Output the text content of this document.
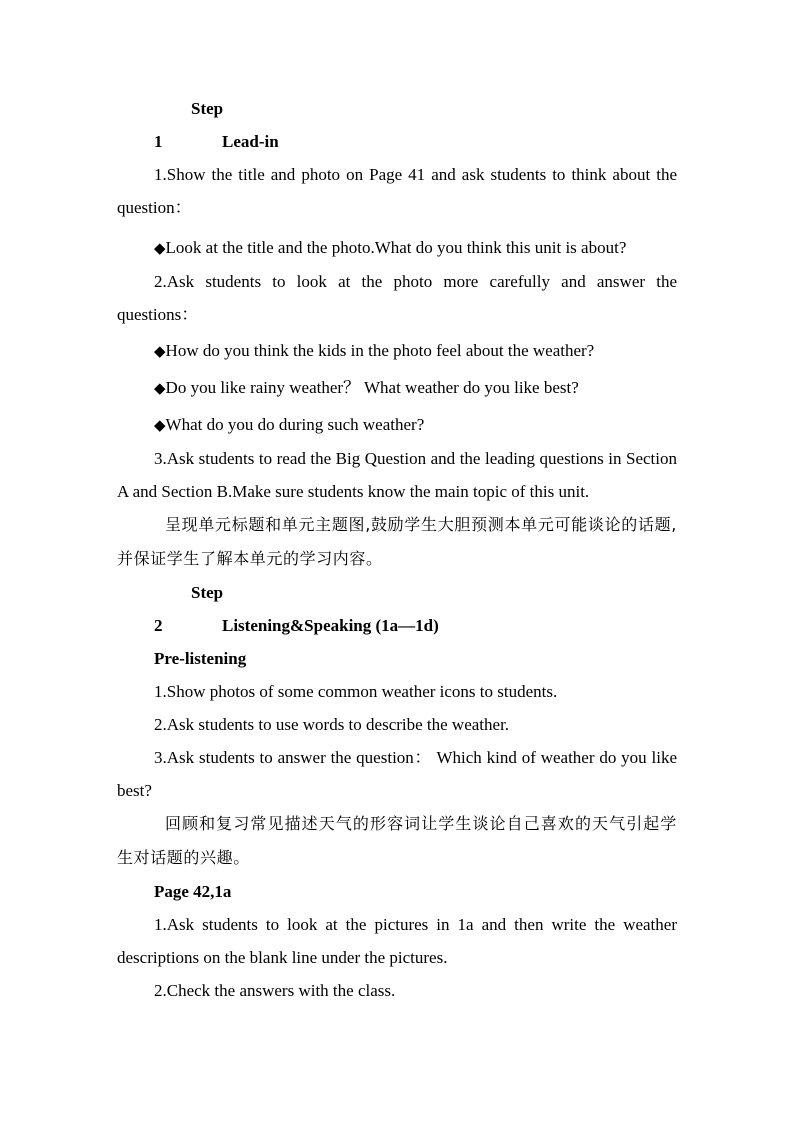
Step 1	Lead-in

1.Show the title and photo on Page 41 and ask students to think about the question：

◆Look at the title and the photo.What do you think this unit is about?

2.Ask students to look at the photo more carefully and answer the questions：

◆How do you think the kids in the photo feel about the weather?

◆Do you like rainy weather？ What weather do you like best?

◆What do you do during such weather?

3.Ask students to read the Big Question and the leading questions in Section A and Section B.Make sure students know the main topic of this unit.

呈现单元标题和单元主题图,鼓励学生大胆预测本单元可能谈论的话题,并保证学生了解本单元的学习内容。

Step 2	Listening&Speaking (1a—1d)

Pre-listening

1.Show photos of some common weather icons to students.

2.Ask students to use words to describe the weather.

3.Ask students to answer the question： Which kind of weather do you like best?

回顾和复习常见描述天气的形容词让学生谈论自己喜欢的天气引起学生对话题的兴趣。

Page 42,1a

1.Ask students to look at the pictures in 1a and then write the weather descriptions on the blank line under the pictures.

2.Check the answers with the class.
